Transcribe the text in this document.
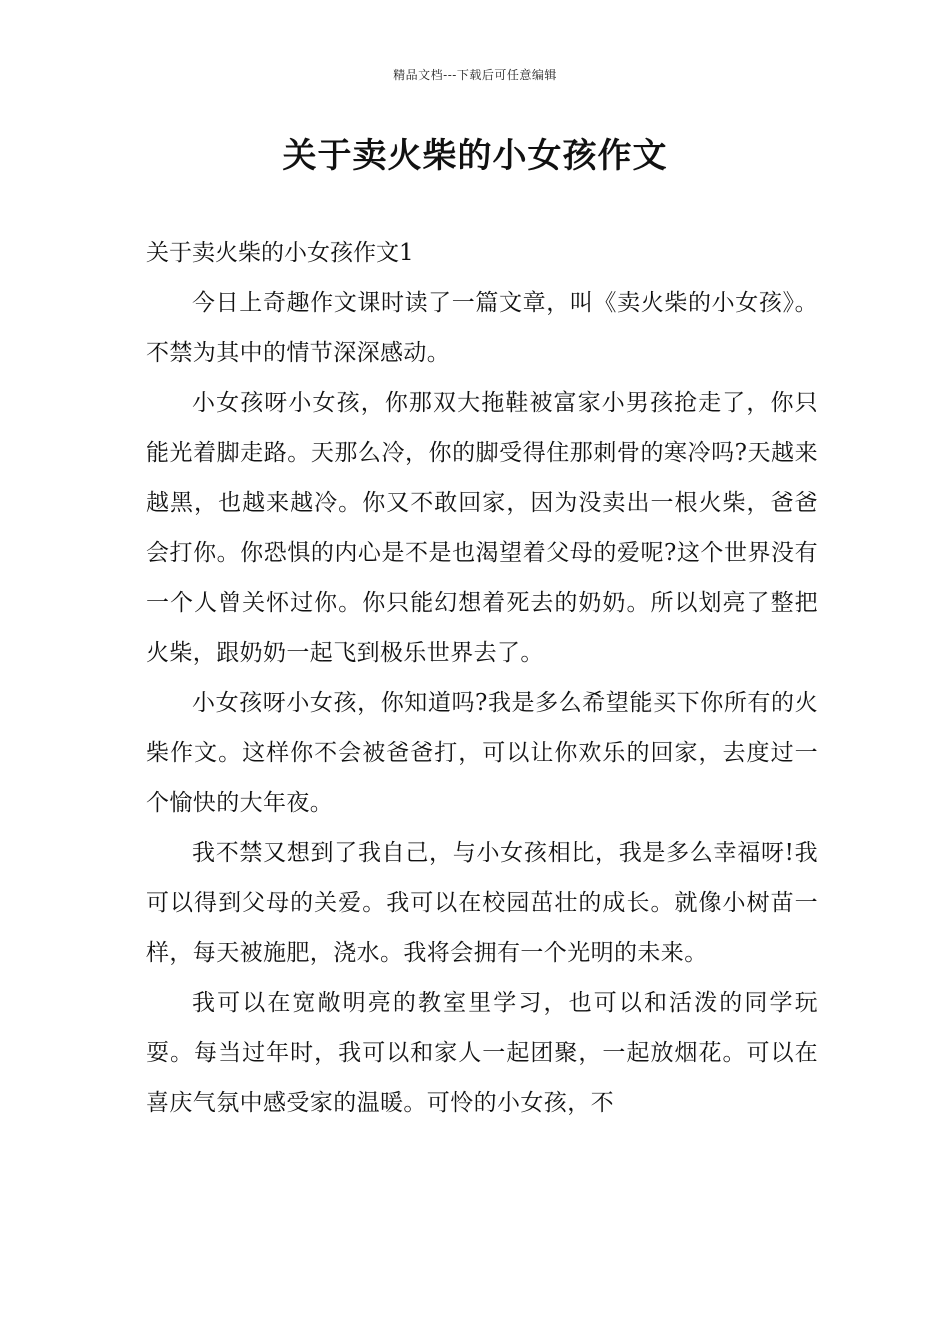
精品文档---下载后可任意编辑
关于卖火柴的小女孩作文

关于卖火柴的小女孩作文1

今日上奇趣作文课时读了一篇文章，叫《卖火柴的小女孩》。不禁为其中的情节深深感动。

小女孩呀小女孩，你那双大拖鞋被富家小男孩抢走了，你只能光着脚走路。天那么冷，你的脚受得住那刺骨的寒冷吗?天越来越黑，也越来越冷。你又不敢回家，因为没卖出一根火柴，爸爸会打你。你恐惧的内心是不是也渴望着父母的爱呢?这个世界没有一个人曾关怀过你。你只能幻想着死去的奶奶。所以划亮了整把火柴，跟奶奶一起飞到极乐世界去了。

小女孩呀小女孩，你知道吗?我是多么希望能买下你所有的火柴作文。这样你不会被爸爸打，可以让你欢乐的回家，去度过一个愉快的大年夜。

我不禁又想到了我自己，与小女孩相比，我是多么幸福呀!我可以得到父母的关爱。我可以在校园茁壮的成长。就像小树苗一样，每天被施肥，浇水。我将会拥有一个光明的未来。

我可以在宽敞明亮的教室里学习，也可以和活泼的同学玩耍。每当过年时，我可以和家人一起团聚，一起放烟花。可以在喜庆气氛中感受家的温暖。可怜的小女孩，不
